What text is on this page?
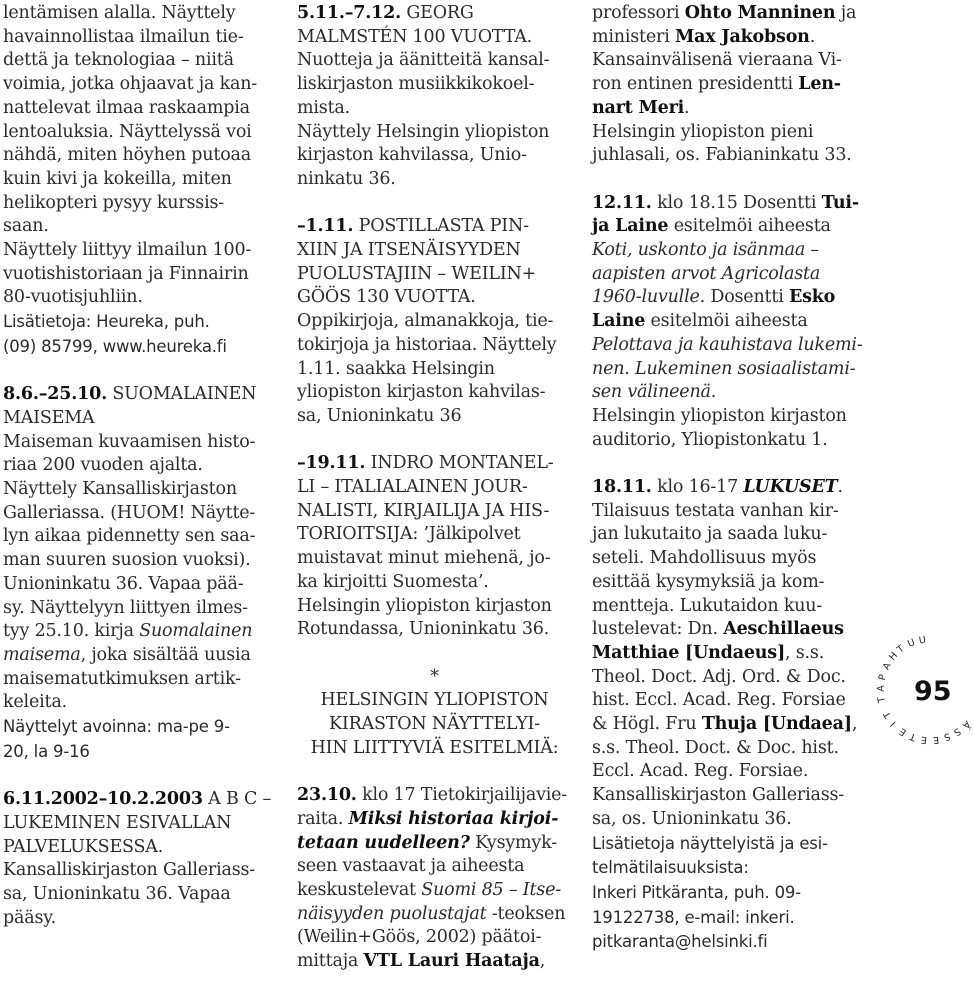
lentämisen alalla. Näyttely
havainnollistaa ilmailun tie-
dettä ja teknologiaa – niitä
voimia, jotka ohjaavat ja kan-
nattelevat ilmaa raskaampia
lentoaluksia. Näyttelyssä voi
nähdä, miten höyhen putoaa
kuin kivi ja kokeilla, miten
helikopteri pysyy kurssis-
saan.
Näyttely liittyy ilmailun 100-
vuotishistoriaan ja Finnairin
80-vuotisjuhliin.
Lisätietoja: Heureka, puh.
(09) 85799, www.heureka.fi
8.6.–25.10. SUOMALAINEN
MAISEMA
Maiseman kuvaamisen histo-
riaa 200 vuoden ajalta.
Näyttely Kansalliskirjaston
Galleriassa. (HUOM! Näytte-
lyn aikaa pidennetty sen saa-
man suuren suosion vuoksi).
Unioninkatu 36. Vapaa pää-
sy. Näyttelyyn liittyen ilmes-
tyy 25.10. kirja Suomalainen
maisema, joka sisältää uusia
maisematutkimuksen artik-
keleita.
Näyttelyt avoinna: ma-pe 9-
20, la 9-16
6.11.2002–10.2.2003 A B C –
LUKEMINEN ESIVALLAN
PALVELUKSESSA.
Kansalliskirjaston Galleriass-
sa, Unioninkatu 36. Vapaa
pääsy.
5.11.–7.12. GEORG
MALMSTÉN 100 VUOTTA.
Nuotteja ja äänitteitä kansal-
liskirjaston musiikkikokoel-
mista.
Näyttely Helsingin yliopiston
kirjaston kahvilassa, Unio-
ninkatu 36.
–1.11. POSTILLASTA PIN-
XIIN JA ITSENÄISYYDEN
PUOLUSTAJIIN – WEILIN+
GÖÖS 130 VUOTTA.
Oppikirjoja, almanakkoja, tie-
tokirjoja ja historiaa. Näyttely
1.11. saakka Helsingin
yliopiston kirjaston kahvilas-
sa, Unioninkatu 36
–19.11. INDRO MONTANEL-
LI – ITALIALAINEN JOUR-
NALISTI, KIRJAILIJA JA HIS-
TORIOITSIJA: ’Jälkipolvet
muistavat minut miehenä, jo-
ka kirjoitti Suomesta’.
Helsingin yliopiston kirjaston
Rotundassa, Unioninkatu 36.
*
HELSINGIN YLIOPISTON
KIRASTON NÄYTTELYI-
HIN LIITTYVIÄ ESITELMIÄ:
23.10. klo 17 Tietokirjailijavie-
raita. Miksi historiaa kirjoi-
tetaan uudelleen? Kysymyk-
seen vastaavat ja aiheesta
keskustelevat Suomi 85 – Itse-
näisyyden puolustajat -teoksen
(Weilin+Göös, 2002) päätoi-
mittaja VTL Lauri Haataja,
professori Ohto Manninen ja
ministeri Max Jakobson.
Kansainvälisenä vieraana Vi-
ron entinen presidentti Len-
nart Meri.
Helsingin yliopiston pieni
juhlasali, os. Fabianinkatu 33.
12.11. klo 18.15 Dosentti Tui-
ja Laine esitelmöi aiheesta
Koti, uskonto ja isänmaa –
aapisten arvot Agricolasta
1960-luvulle. Dosentti Esko
Laine esitelmöi aiheesta
Pelottava ja kauhistava lukemi-
nen. Lukeminen sosiaalistami-
sen välineenä.
Helsingin yliopiston kirjaston
auditorio, Yliopistonkatu 1.
18.11. klo 16-17 LUKUSET.
Tilaisuus testata vanhan kir-
jan lukutaito ja saada luku-
seteli. Mahdollisuus myös
esittää kysymyksiä ja kom-
mentteja. Lukutaidon kuu-
lustelevat: Dn. Aeschillaeus
Matthiae [Undaeus], s.s.
Theol. Doct. Adj. Ord. & Doc.
hist. Eccl. Acad. Reg. Forsiae
& Högl. Fru Thuja [Undaea],
s.s. Theol. Doct. & Doc. hist.
Eccl. Acad. Reg. Forsiae.
Kansalliskirjaston Galleriass-
sa, os. Unioninkatu 36.
Lisätietoja näyttelyistä ja esi-
telmätilaisuuksista:
Inkeri Pitkäranta, puh. 09-
19122738, e-mail: inkeri.
pitkaranta@helsinki.fi
95
T
A
P
A
H
T U U
T
I
E T E E S S
Ä
